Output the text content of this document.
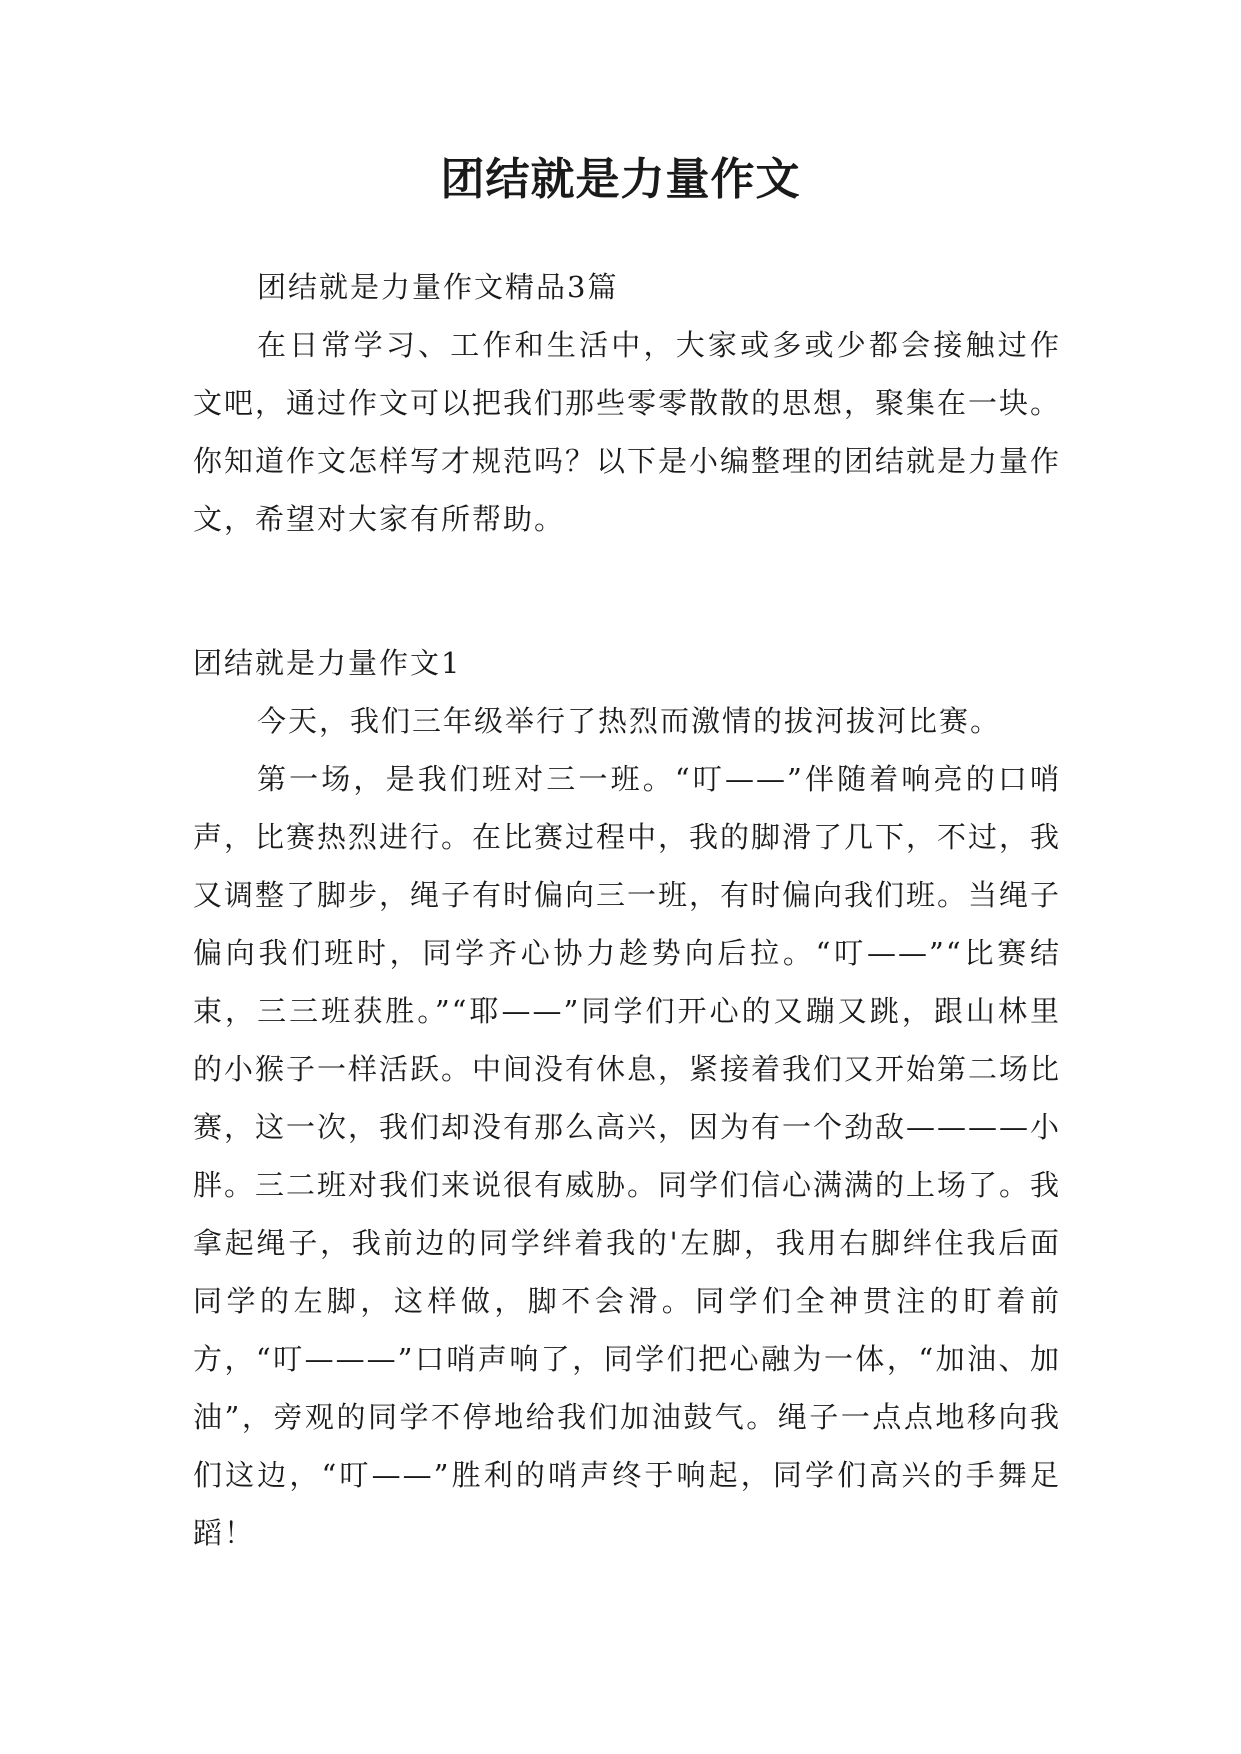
团结就是力量作文

团结就是力量作文精品3篇

在日常学习、工作和生活中，大家或多或少都会接触过作文吧，通过作文可以把我们那些零零散散的思想，聚集在一块。你知道作文怎样写才规范吗？以下是小编整理的团结就是力量作文，希望对大家有所帮助。

团结就是力量作文1

今天，我们三年级举行了热烈而激情的拔河拔河比赛。

第一场，是我们班对三一班。“叮——”伴随着响亮的口哨声，比赛热烈进行。在比赛过程中，我的脚滑了几下，不过，我又调整了脚步，绳子有时偏向三一班，有时偏向我们班。当绳子偏向我们班时，同学齐心协力趁势向后拉。“叮——”“比赛结束，三三班获胜。”“耶——”同学们开心的又蹦又跳，跟山林里的小猴子一样活跃。中间没有休息，紧接着我们又开始第二场比赛，这一次，我们却没有那么高兴，因为有一个劲敌————小胖。三二班对我们来说很有威胁。同学们信心满满的上场了。我拿起绳子，我前边的同学绊着我的'左脚，我用右脚绊住我后面同学的左脚，这样做，脚不会滑。同学们全神贯注的盯着前方，“叮———”口哨声响了，同学们把心融为一体，“加油、加油”，旁观的同学不停地给我们加油鼓气。绳子一点点地移向我们这边，“叮——”胜利的哨声终于响起，同学们高兴的手舞足蹈！
